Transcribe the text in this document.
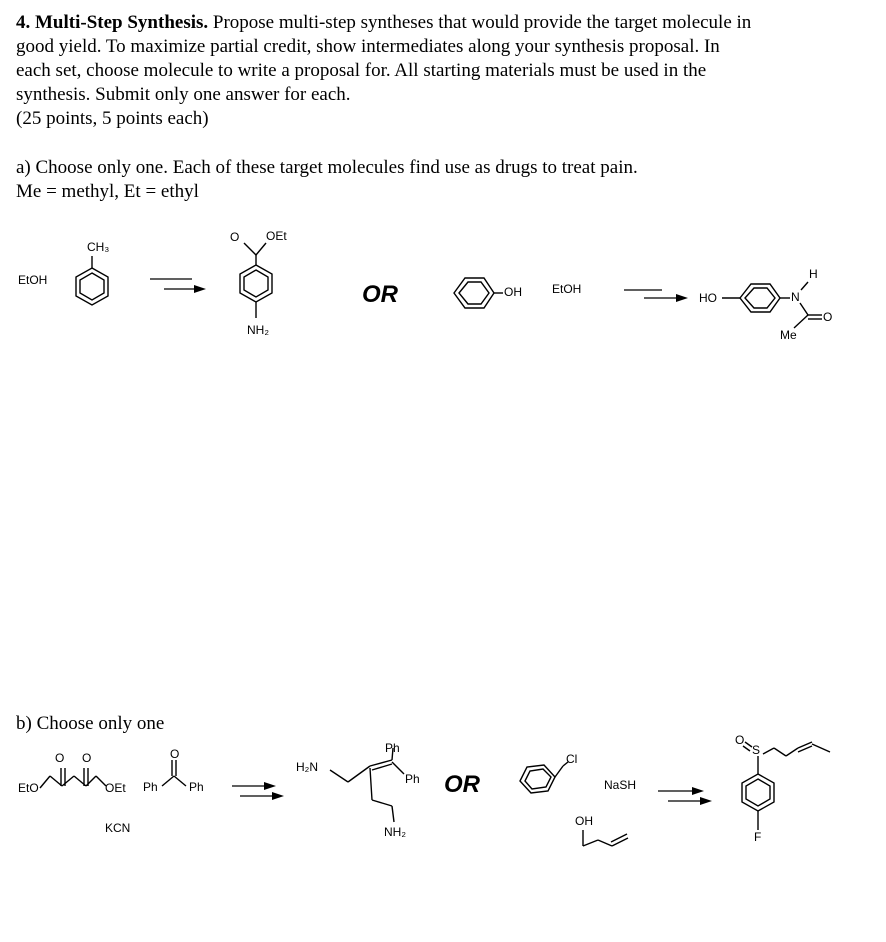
4. Multi-Step Synthesis. Propose multi-step syntheses that would provide the target molecule in
good yield. To maximize partial credit, show intermediates along your synthesis proposal. In
each set, choose molecule to write a proposal for. All starting materials must be used in the
synthesis. Submit only one answer for each.
(25 points, 5 points each)
a) Choose only one. Each of these target molecules find use as drugs to treat pain.
Me = methyl, Et = ethyl
b) Choose only one
EtOH
CH₃
O OEt
NH₂
OR	OH	EtOH
HO	N
H
O
Me
O O
EtO	OEt
O
Ph	Ph
KCN
H₂N
Ph
Ph
NH₂
OR
Cl
NaSH
OH
O
S
F
